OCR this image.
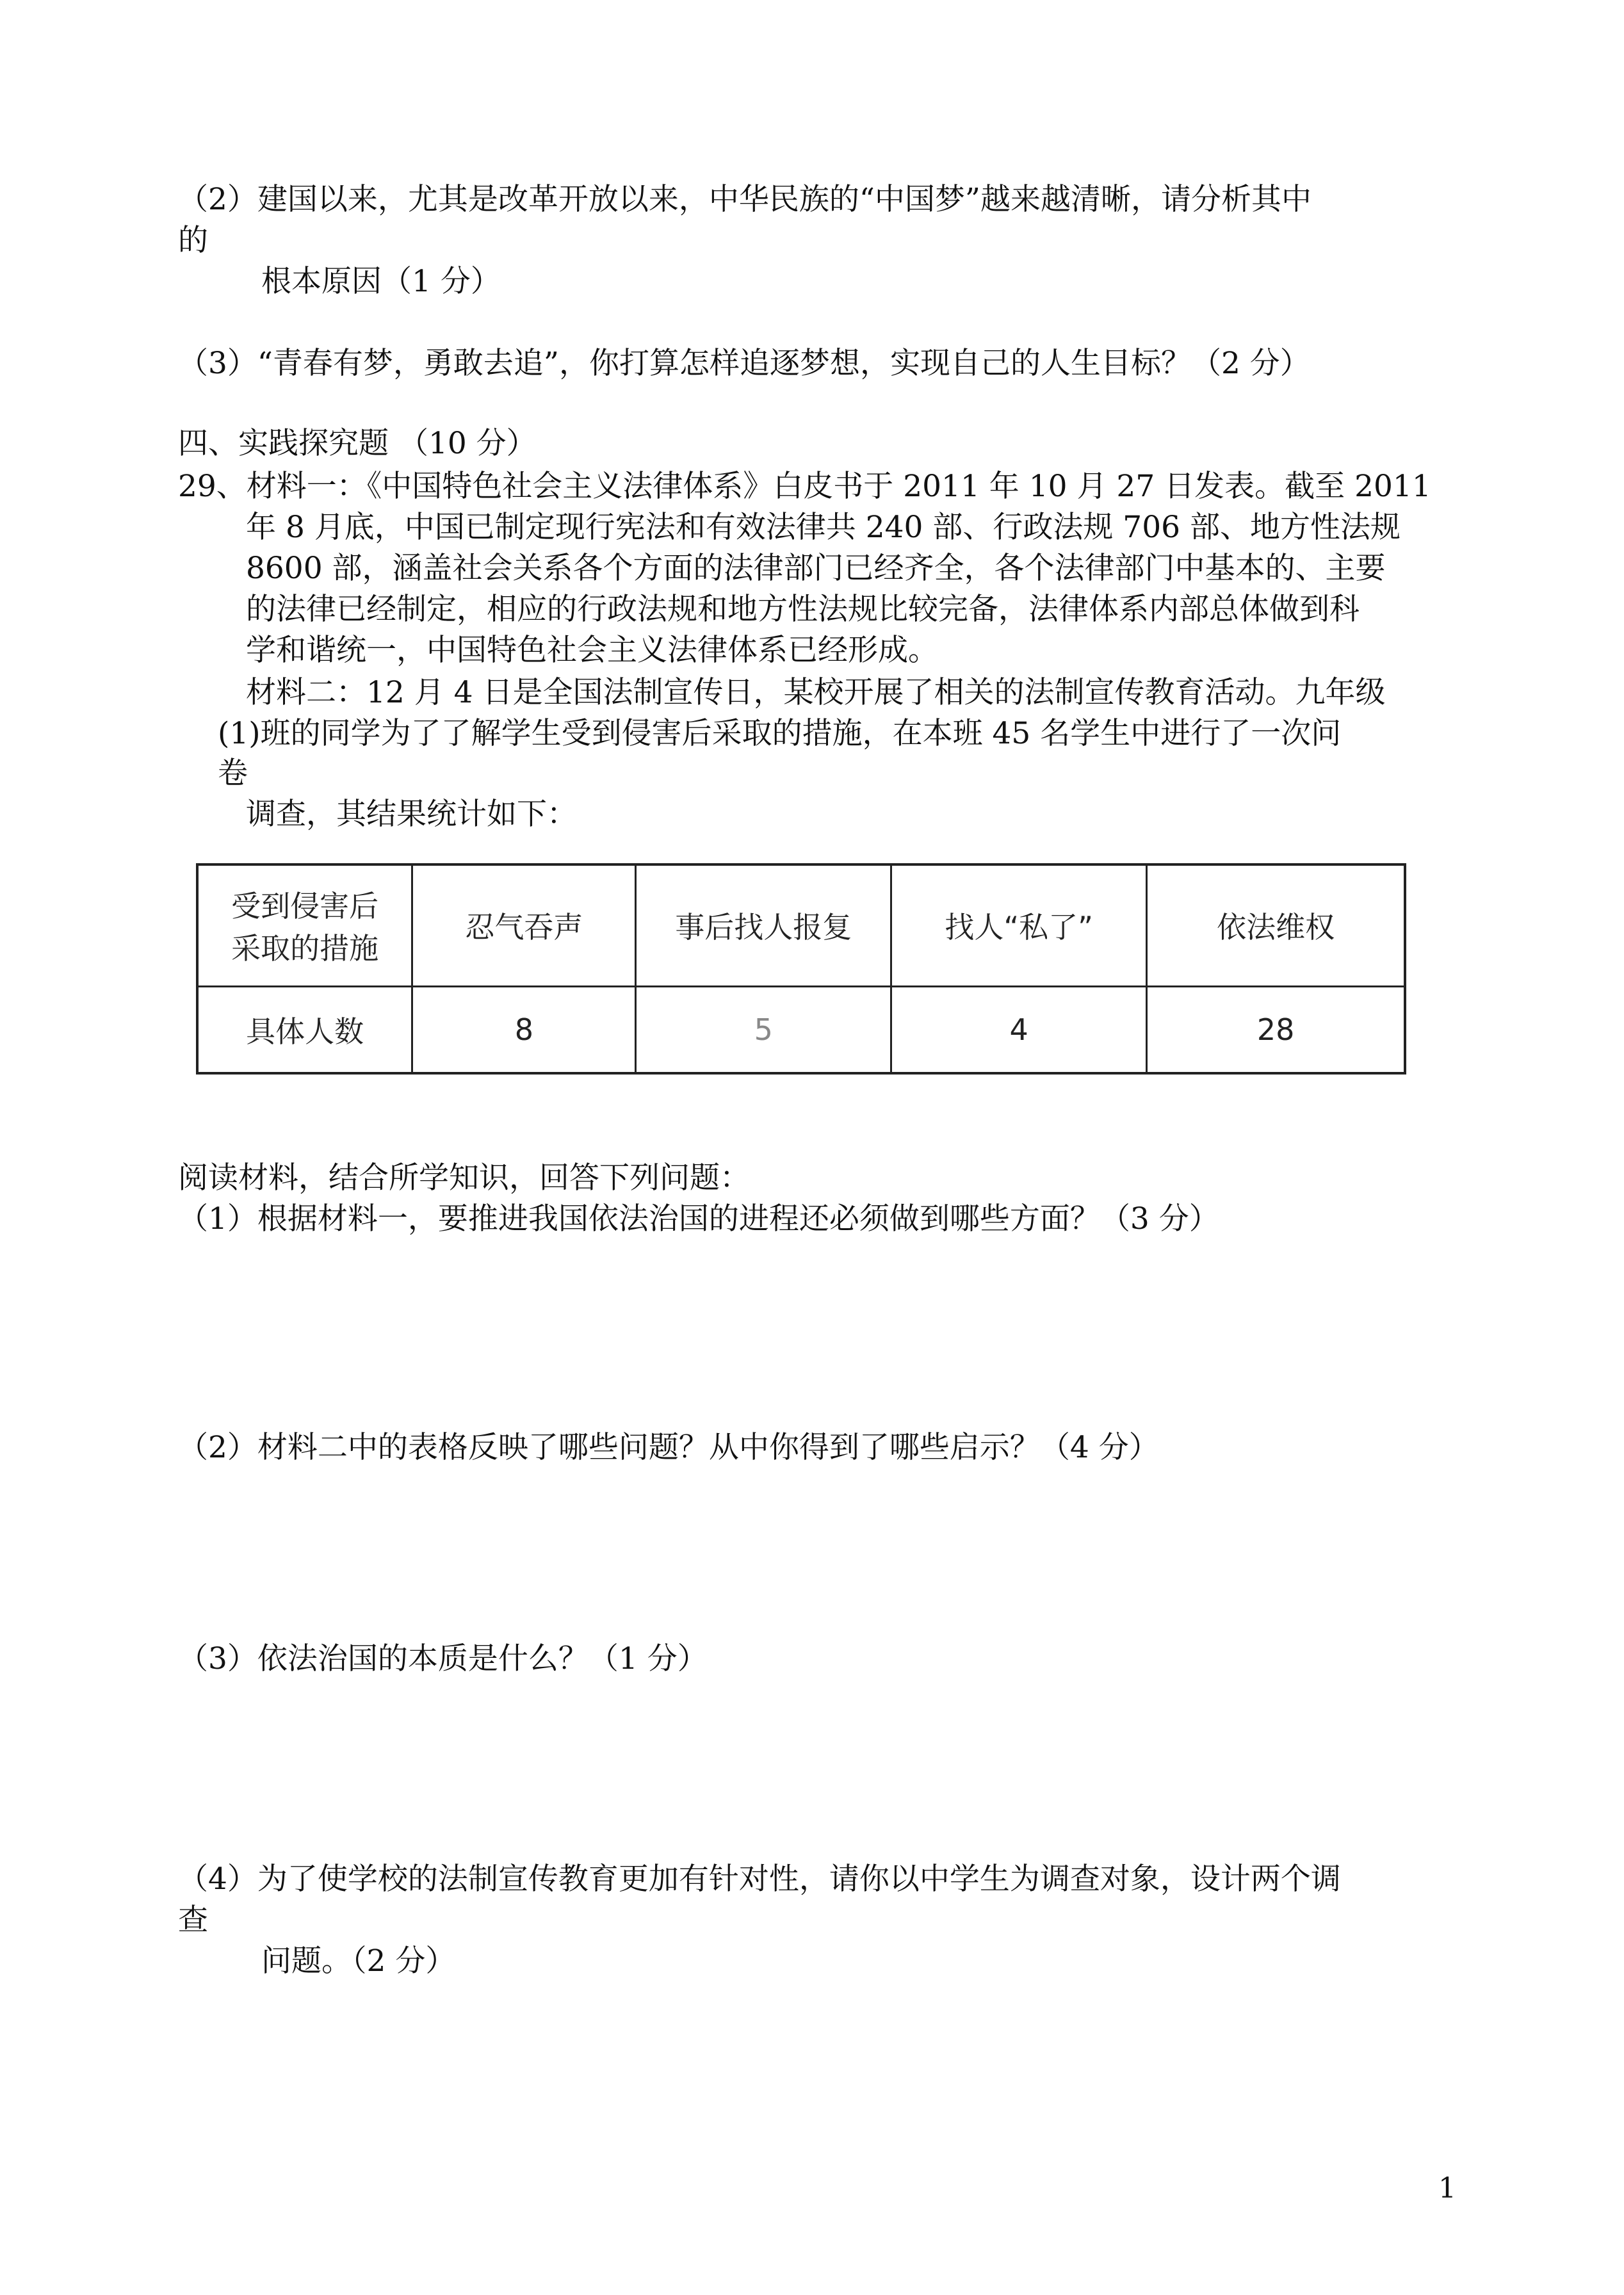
（2）建国以来，尤其是改革开放以来，中华民族的“中国梦”越来越清晰，请分析其中
的
根本原因（1 分）
（3）“青春有梦，勇敢去追”，你打算怎样追逐梦想，实现自己的人生目标？（2 分）
四、实践探究题 （10 分）
29、材料一：《中国特色社会主义法律体系》白皮书于 2011 年 10 月 27 日发表。截至 2011
年 8 月底，中国已制定现行宪法和有效法律共 240 部、行政法规 706 部、地方性法规
8600 部，涵盖社会关系各个方面的法律部门已经齐全，各个法律部门中基本的、主要
的法律已经制定，相应的行政法规和地方性法规比较完备，法律体系内部总体做到科
学和谐统一，中国特色社会主义法律体系已经形成。
材料二：12 月 4 日是全国法制宣传日，某校开展了相关的法制宣传教育活动。九年级
(1)班的同学为了了解学生受到侵害后采取的措施，在本班 45 名学生中进行了一次问
卷
调查，其结果统计如下：
受到侵害后
采取的措施	忍气吞声	事后找人报复	找人“私了”	依法维权
具体人数	8	5	4	28
阅读材料，结合所学知识，回答下列问题：
（1）根据材料一，要推进我国依法治国的进程还必须做到哪些方面？（3 分）
（2）材料二中的表格反映了哪些问题？从中你得到了哪些启示？（4 分）
（3）依法治国的本质是什么？（1 分）
（4）为了使学校的法制宣传教育更加有针对性，请你以中学生为调查对象，设计两个调
查
问题。（2 分）
1
